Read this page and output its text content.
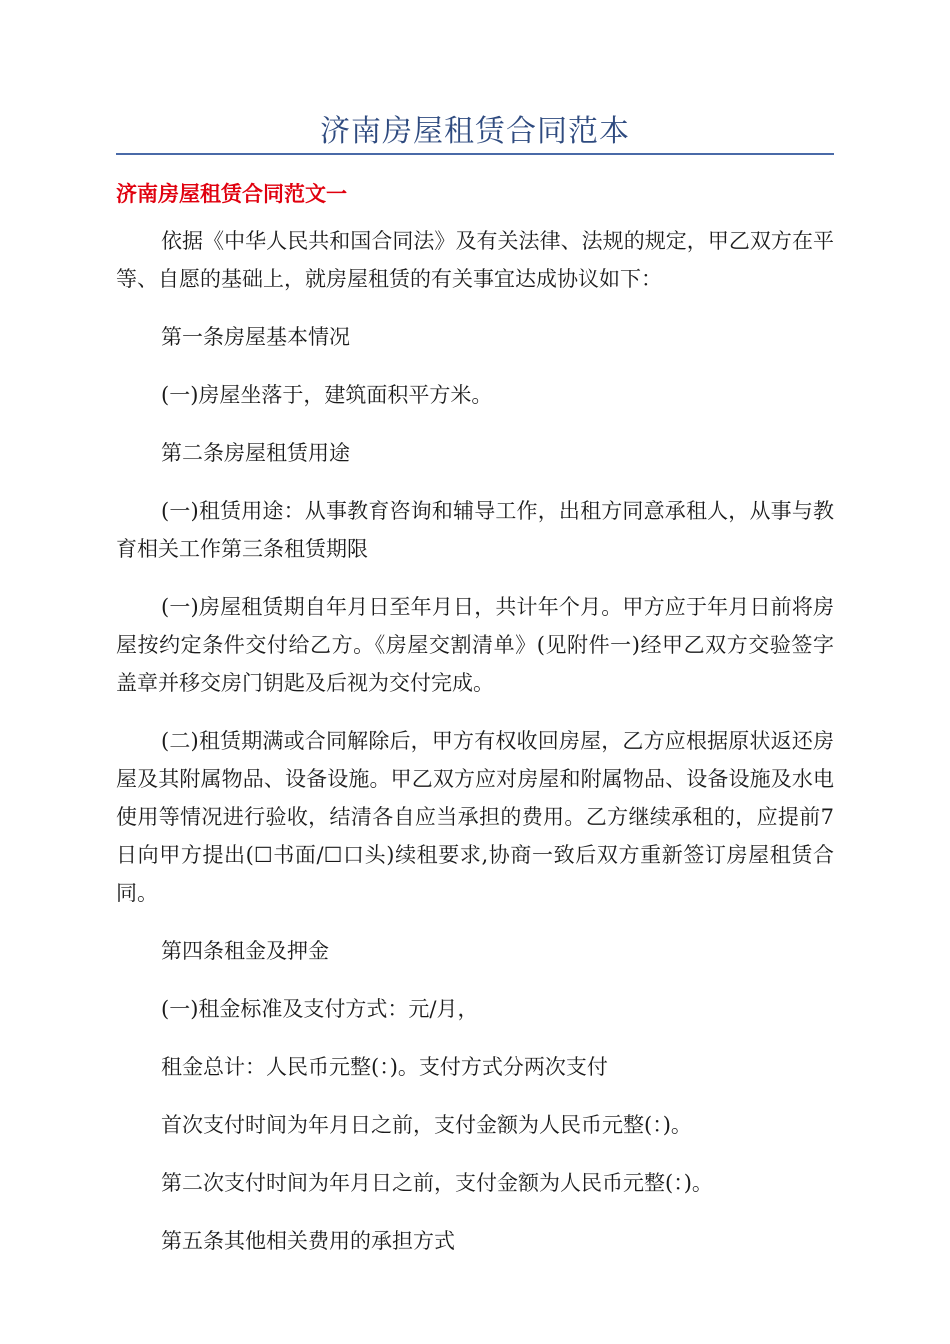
济南房屋租赁合同范本
济南房屋租赁合同范文一

依据《中华人民共和国合同法》及有关法律、法规的规定，甲乙双方在平等、自愿的基础上，就房屋租赁的有关事宜达成协议如下：

第一条房屋基本情况

(一)房屋坐落于，建筑面积平方米。

第二条房屋租赁用途

(一)租赁用途：从事教育咨询和辅导工作，出租方同意承租人，从事与教育相关工作第三条租赁期限

(一)房屋租赁期自年月日至年月日，共计年个月。甲方应于年月日前将房屋按约定条件交付给乙方。《房屋交割清单》(见附件一)经甲乙双方交验签字盖章并移交房门钥匙及后视为交付完成。

(二)租赁期满或合同解除后，甲方有权收回房屋，乙方应根据原状返还房屋及其附属物品、设备设施。甲乙双方应对房屋和附属物品、设备设施及水电使用等情况进行验收，结清各自应当承担的费用。乙方继续承租的，应提前7日向甲方提出(☐书面/☐口头)续租要求,协商一致后双方重新签订房屋租赁合同。

第四条租金及押金

(一)租金标准及支付方式：元/月，

租金总计：人民币元整(：)。支付方式分两次支付

首次支付时间为年月日之前，支付金额为人民币元整(：)。

第二次支付时间为年月日之前，支付金额为人民币元整(：)。

第五条其他相关费用的承担方式
